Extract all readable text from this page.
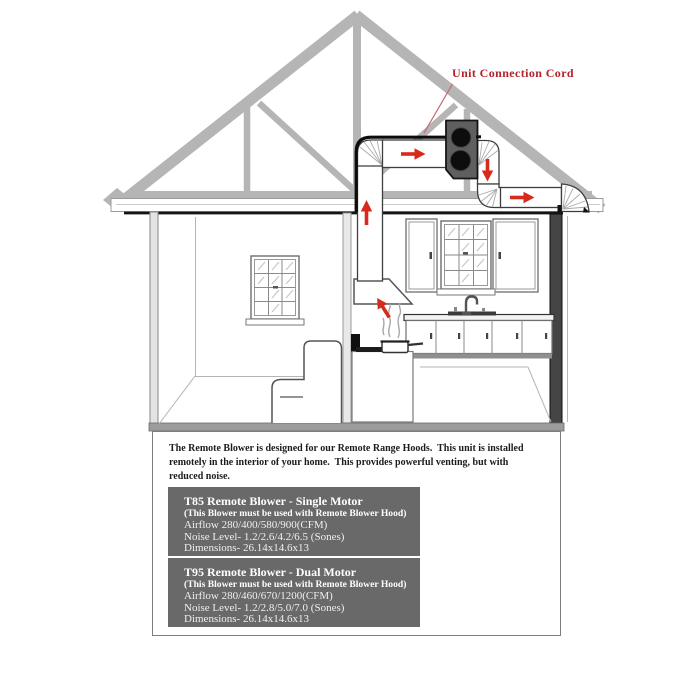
Unit Connection Cord
The Remote Blower is designed for our Remote Range Hoods.  This unit is installed
remotely in the interior of your home.  This provides powerful venting, but with
reduced noise.
T85 Remote Blower - Single Motor
(This Blower must be used with Remote Blower Hood)
Airflow 280/400/580/900(CFM)
Noise Level- 1.2/2.6/4.2/6.5 (Sones)
Dimensions- 26.14x14.6x13
T95 Remote Blower - Dual Motor
(This Blower must be used with Remote Blower Hood)
Airflow 280/460/670/1200(CFM)
Noise Level- 1.2/2.8/5.0/7.0 (Sones)
Dimensions- 26.14x14.6x13
